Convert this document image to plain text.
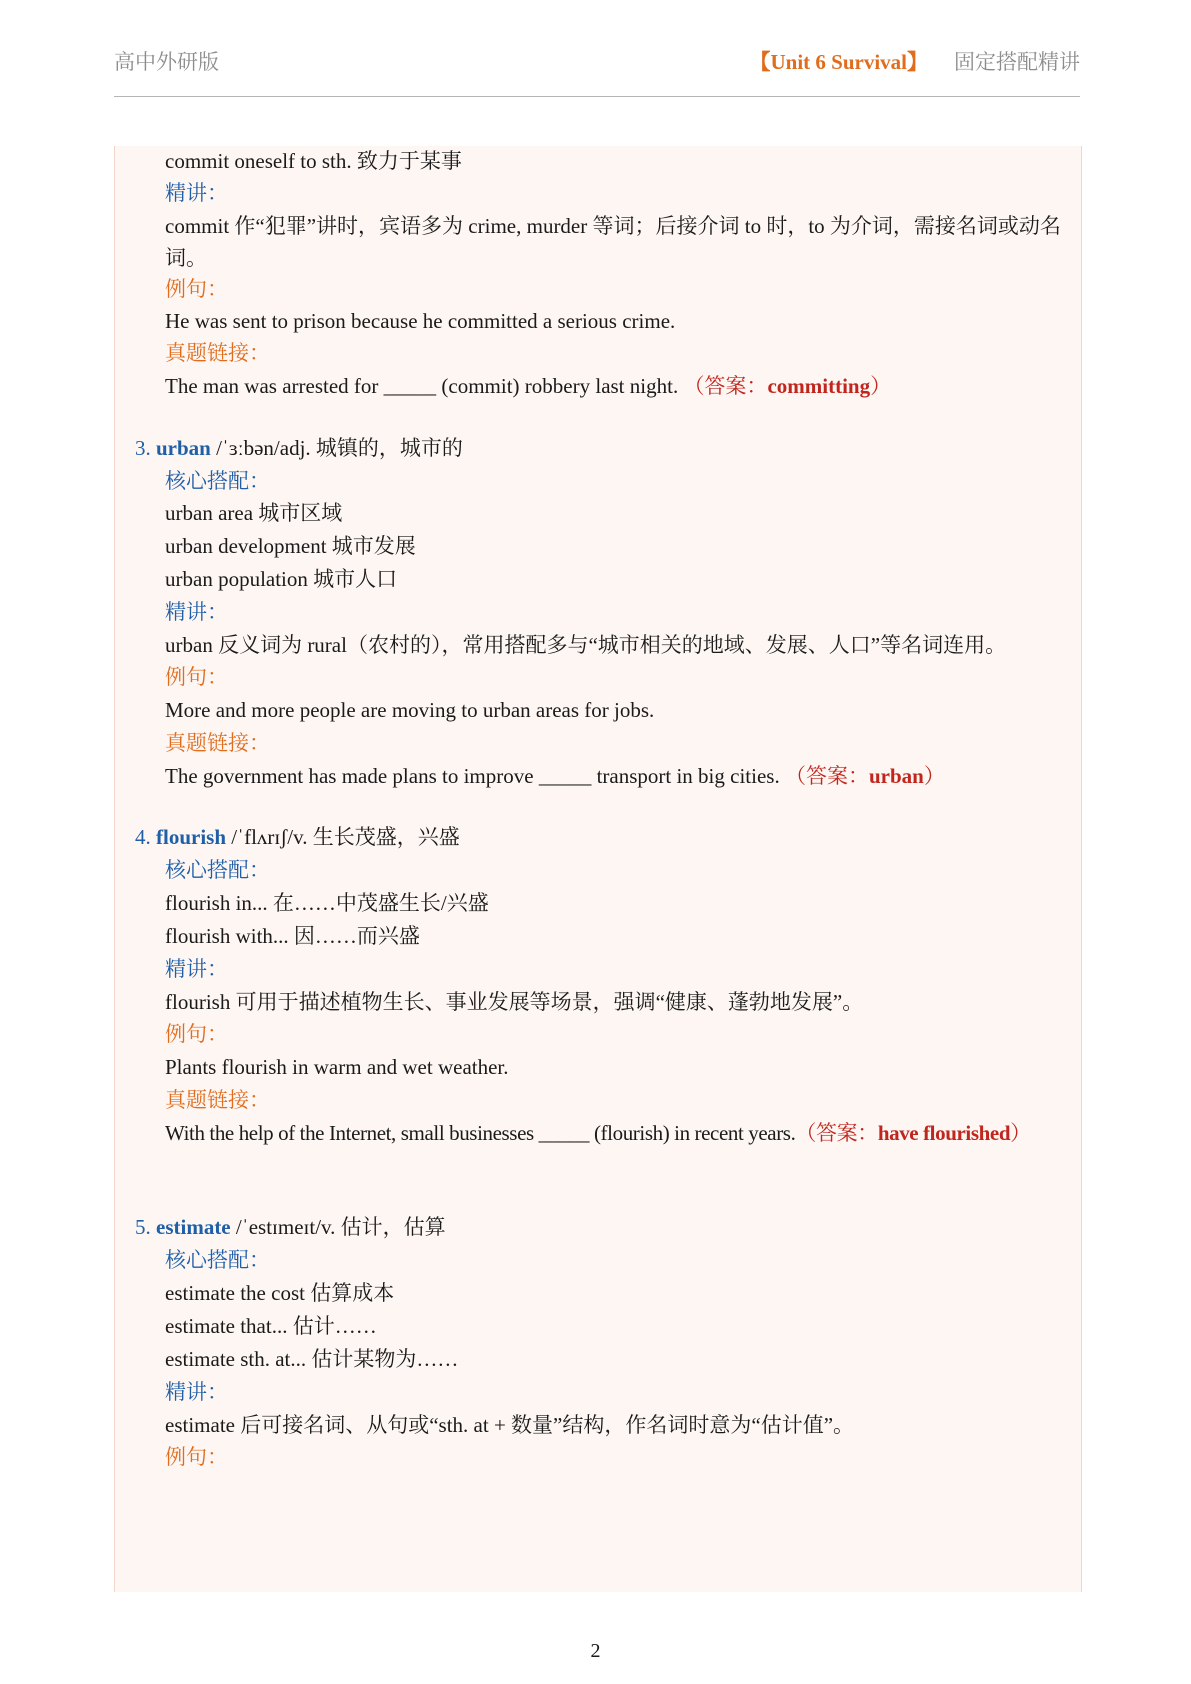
高中外研版	【Unit 6 Survival】 固定搭配精讲
commit oneself to sth. 致力于某事
精讲：
commit 作“犯罪”讲时，宾语多为 crime, murder 等词；后接介词 to 时，to 为介词，需接名词或动名词。
例句：
He was sent to prison because he committed a serious crime.
真题链接：
The man was arrested for _____ (commit) robbery last night. （答案：committing）
3. urban /ˈɜːbən/adj. 城镇的，城市的
核心搭配：
urban area 城市区域
urban development 城市发展
urban population 城市人口
精讲：
urban 反义词为 rural（农村的），常用搭配多与“城市相关的地域、发展、人口”等名词连用。
例句：
More and more people are moving to urban areas for jobs.
真题链接：
The government has made plans to improve _____ transport in big cities. （答案：urban）
4. flourish /ˈflʌrɪʃ/v. 生长茂盛，兴盛
核心搭配：
flourish in... 在……中茂盛生长/兴盛
flourish with... 因……而兴盛
精讲：
flourish 可用于描述植物生长、事业发展等场景，强调“健康、蓬勃地发展”。
例句：
Plants flourish in warm and wet weather.
真题链接：
With the help of the Internet, small businesses _____ (flourish) in recent years.（答案：have flourished）
5. estimate /ˈestɪmeɪt/v. 估计，估算
核心搭配：
estimate the cost 估算成本
estimate that... 估计……
estimate sth. at... 估计某物为……
精讲：
estimate 后可接名词、从句或“sth. at + 数量”结构，作名词时意为“估计值”。
例句：
2
